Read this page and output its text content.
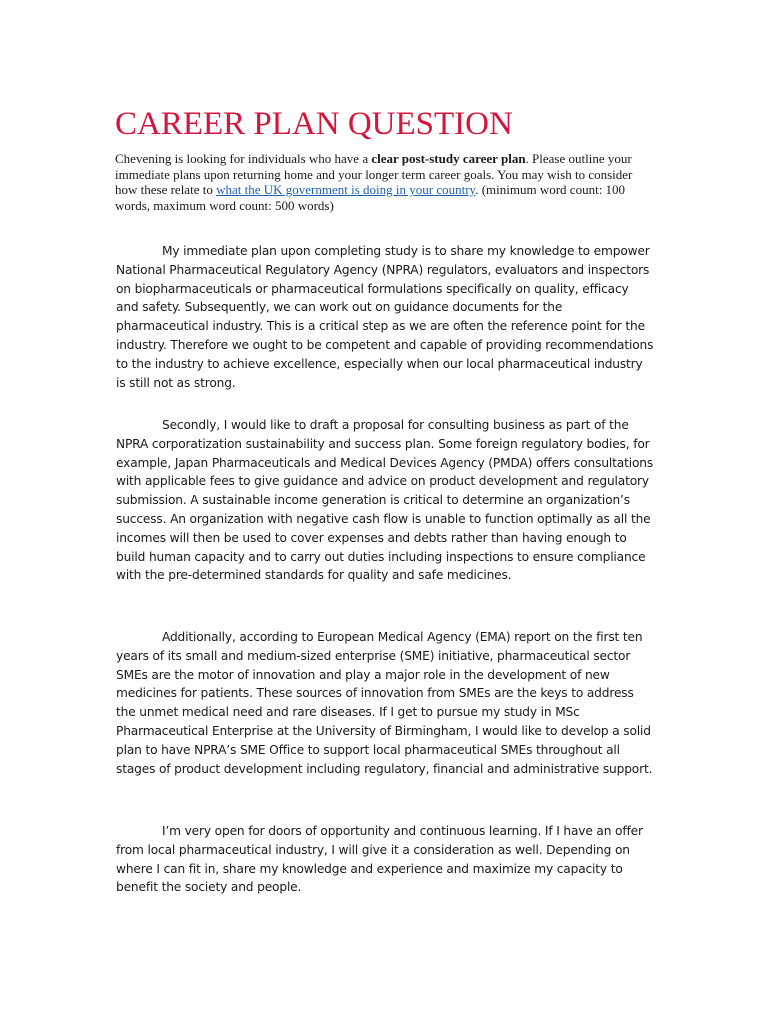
CAREER PLAN QUESTION

Chevening is looking for individuals who have a clear post-study career plan. Please outline your immediate plans upon returning home and your longer term career goals. You may wish to consider how these relate to what the UK government is doing in your country. (minimum word count: 100 words, maximum word count: 500 words)

My immediate plan upon completing study is to share my knowledge to empower National Pharmaceutical Regulatory Agency (NPRA) regulators, evaluators and inspectors on biopharmaceuticals or pharmaceutical formulations specifically on quality, efficacy and safety. Subsequently, we can work out on guidance documents for the pharmaceutical industry. This is a critical step as we are often the reference point for the industry. Therefore we ought to be competent and capable of providing recommendations to the industry to achieve excellence, especially when our local pharmaceutical industry is still not as strong.

Secondly, I would like to draft a proposal for consulting business as part of the NPRA corporatization sustainability and success plan. Some foreign regulatory bodies, for example, Japan Pharmaceuticals and Medical Devices Agency (PMDA) offers consultations with applicable fees to give guidance and advice on product development and regulatory submission. A sustainable income generation is critical to determine an organization’s success. An organization with negative cash flow is unable to function optimally as all the incomes will then be used to cover expenses and debts rather than having enough to build human capacity and to carry out duties including inspections to ensure compliance with the pre-determined standards for quality and safe medicines.

Additionally, according to European Medical Agency (EMA) report on the first ten years of its small and medium-sized enterprise (SME) initiative, pharmaceutical sector SMEs are the motor of innovation and play a major role in the development of new medicines for patients. These sources of innovation from SMEs are the keys to address the unmet medical need and rare diseases. If I get to pursue my study in MSc Pharmaceutical Enterprise at the University of Birmingham, I would like to develop a solid plan to have NPRA’s SME Office to support local pharmaceutical SMEs throughout all stages of product development including regulatory, financial and administrative support.

I’m very open for doors of opportunity and continuous learning. If I have an offer from local pharmaceutical industry, I will give it a consideration as well. Depending on where I can fit in, share my knowledge and experience and maximize my capacity to benefit the society and people.
